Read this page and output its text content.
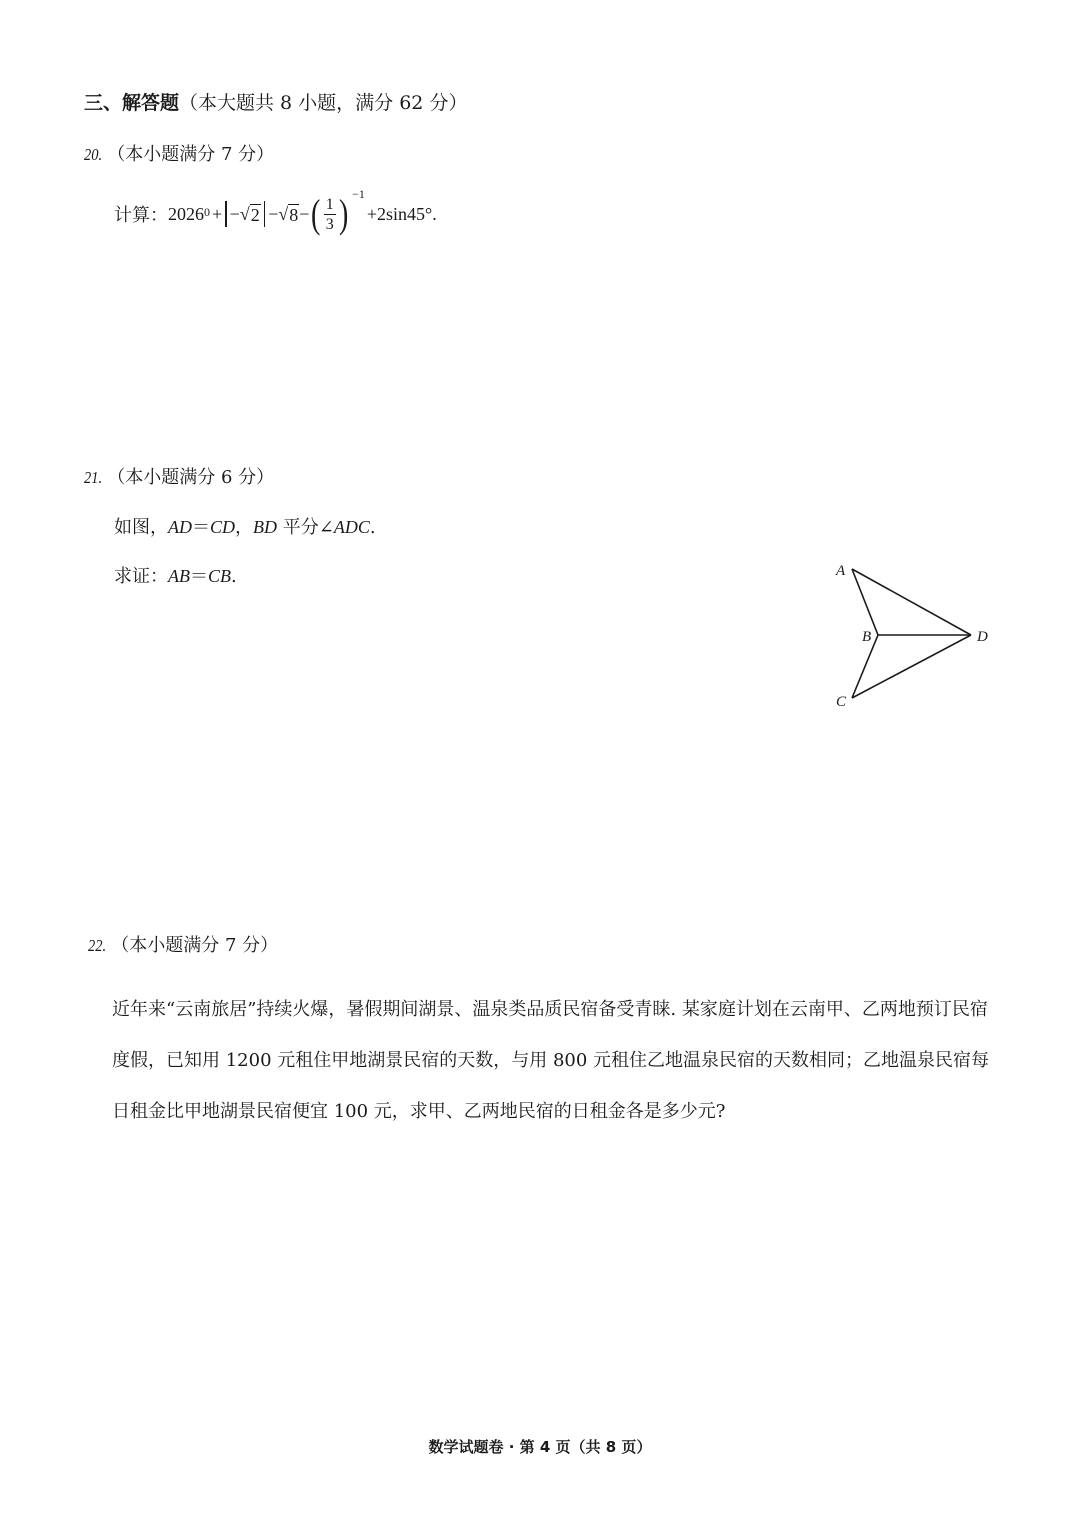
三、解答题（本大题共 8 小题，满分 62 分）
20. （本小题满分 7 分）
计算： $2026^0$ + − √ 2 − √ 8 − ( $\frac{1}{3}$ ) −1
+2sin45°.
21. （本小题满分 6 分）
如图，AD＝CD，BD 平分∠ADC.
求证：AB＝CB.	A
B
C
D
22. （本小题满分 7 分）
近年来“云南旅居”持续火爆，暑假期间湖景、温泉类品质民宿备受青睐. 某家庭计划在云南甲、乙两地预订民宿度假，已知用 1200 元租住甲地湖景民宿的天数，与用 800 元租住乙地温泉民宿的天数相同；乙地温泉民宿每日租金比甲地湖景民宿便宜 100 元，求甲、乙两地民宿的日租金各是多少元?
数学试题卷 · 第 4 页（共 8 页）
